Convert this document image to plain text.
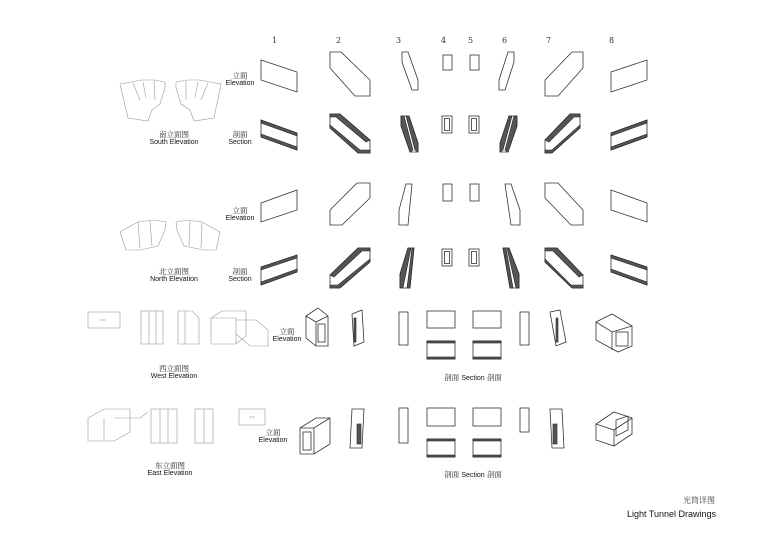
1	2	3	4	5	6	7	8
立面
Elevation
剖面
Section
立面
Elevation
剖面
Section
立面
Elevation
立面
Elevation
南立面图
South Elevation
北立面图
North Elevation
西立面图
West Elevation
东立面图
East Elevation
剖面 Section 剖面
剖面 Section 剖面
光筒详图
Light Tunnel Drawings
